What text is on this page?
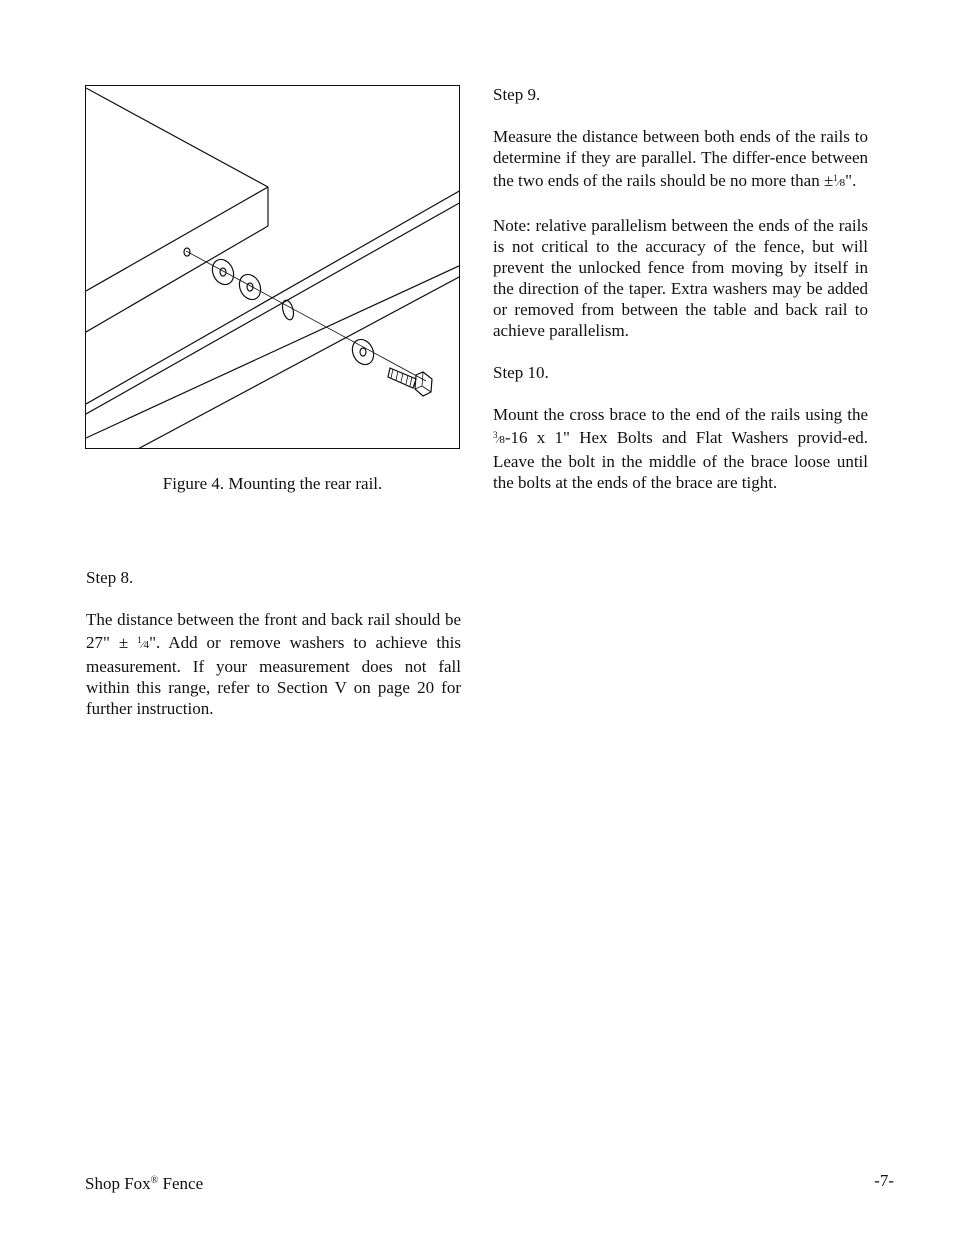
Figure 4. Mounting the rear rail.

Step 8.

The distance between the front and back rail should be 27" ± $^1$⁄4". Add or remove washers to achieve this measurement. If your measurement does not fall within this range, refer to Section V on page 20 for further instruction.

Step 9.

Measure the distance between both ends of the rails to determine if they are parallel. The differ-ence between the two ends of the rails should be no more than ±$^1$⁄8".

Note: relative parallelism between the ends of the rails is not critical to the accuracy of the fence, but will prevent the unlocked fence from moving by itself in the direction of the taper. Extra washers may be added or removed from between the table and back rail to achieve parallelism.

Step 10.

Mount the cross brace to the end of the rails using the $^3$⁄8-16 x 1" Hex Bolts and Flat Washers provid-ed. Leave the bolt in the middle of the brace loose until the bolts at the ends of the brace are tight.

Shop Fox® Fence	-7-
